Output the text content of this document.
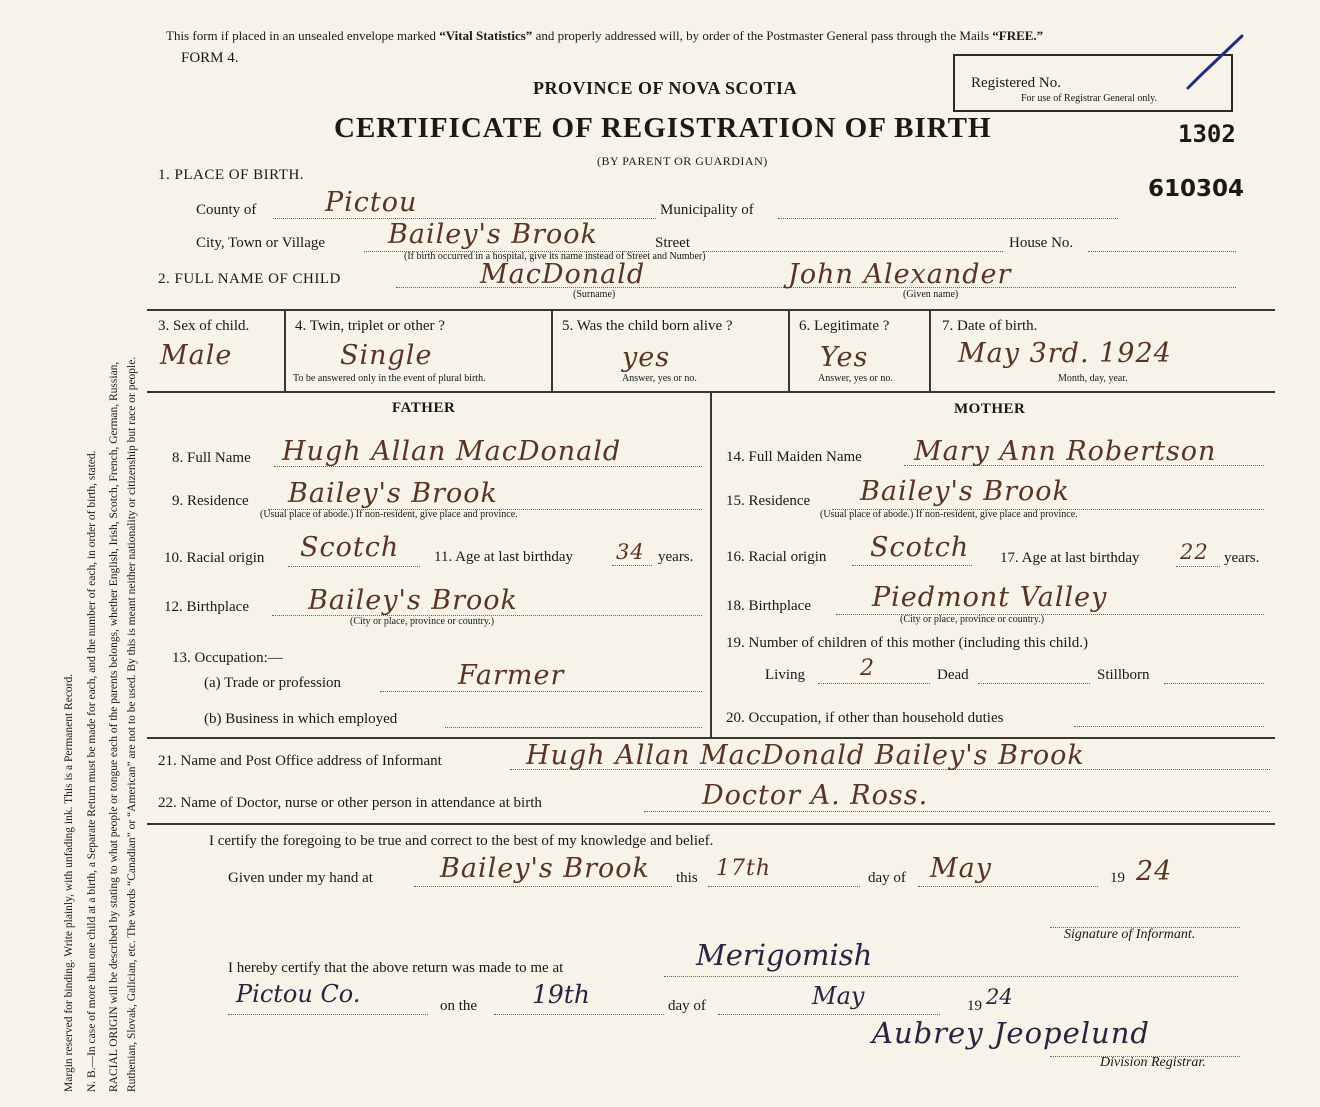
Margin reserved for binding. Write plainly, with unfading ink. This is a Permanent Record. N. B.—In case of more than one child at a birth, a Separate Return must be made for each, and the number of each, in order of birth, stated. RACIAL ORIGIN will be described by stating to what people or tongue each of the parents belongs, whether English, Irish, Scotch, French, German, Russian, Ruthenian, Slovak, Galician, etc. The words “Canadian” or “American” are not to be used. By this is meant neither nationality or citizenship but race or people.
This form if placed in an unsealed envelope marked “Vital Statistics” and properly addressed will, by order of the Postmaster General pass through the Mails “FREE.”
FORM 4.
PROVINCE OF NOVA SCOTIA
CERTIFICATE OF REGISTRATION OF BIRTH
(BY PARENT OR GUARDIAN)
Registered No.
For use of Registrar General only.
1302
610304
1. PLACE OF BIRTH.
County of	Pictou	Municipality of
City, Town or Village Bailey's Brook	Street
(If birth occurred in a hospital, give its name instead of Street and Number)
House No.
2. FULL NAME OF CHILD	MacDonald
(Surname)
John Alexander
(Given name)
3. Sex of child.
Male
4. Twin, triplet or other ?
Single
To be answered only in the event of plural birth.
5. Was the child born alive ?
yes
Answer, yes or no.
6. Legitimate ?
Yes
Answer, yes or no.
7. Date of birth.
May 3rd. 1924
Month, day, year.
FATHER	MOTHER
8. Full Name Hugh Allan MacDonald
9. Residence Bailey's Brook
(Usual place of abode.) If non-resident, give place and province.
10. Racial origin Scotch 11. Age at last birthday 34 years.
12. Birthplace Bailey's Brook
(City or place, province or country.)
13. Occupation:—
(a) Trade or profession	Farmer
(b) Business in which employed
14. Full Maiden Name Mary Ann Robertson
15. Residence Bailey's Brook
(Usual place of abode.) If non-resident, give place and province.
16. Racial origin Scotch 17. Age at last birthday 22 years.
18. Birthplace Piedmont Valley
(City or place, province or country.)
19. Number of children of this mother (including this child.)
Living	2	Dead	Stillborn
20. Occupation, if other than household duties
21. Name and Post Office address of Informant	Hugh Allan MacDonald Bailey's Brook
22. Name of Doctor, nurse or other person in attendance at birth	Doctor A. Ross.
I certify the foregoing to be true and correct to the best of my knowledge and belief.
Given under my hand at Bailey's Brook this 17th	day of May	19 24
Signature of Informant.
I hereby certify that the above return was made to me at	Merigomish
Pictou Co.	on the 19th	day of	May	19 24
Aubrey Jeopelund
Division Registrar.
